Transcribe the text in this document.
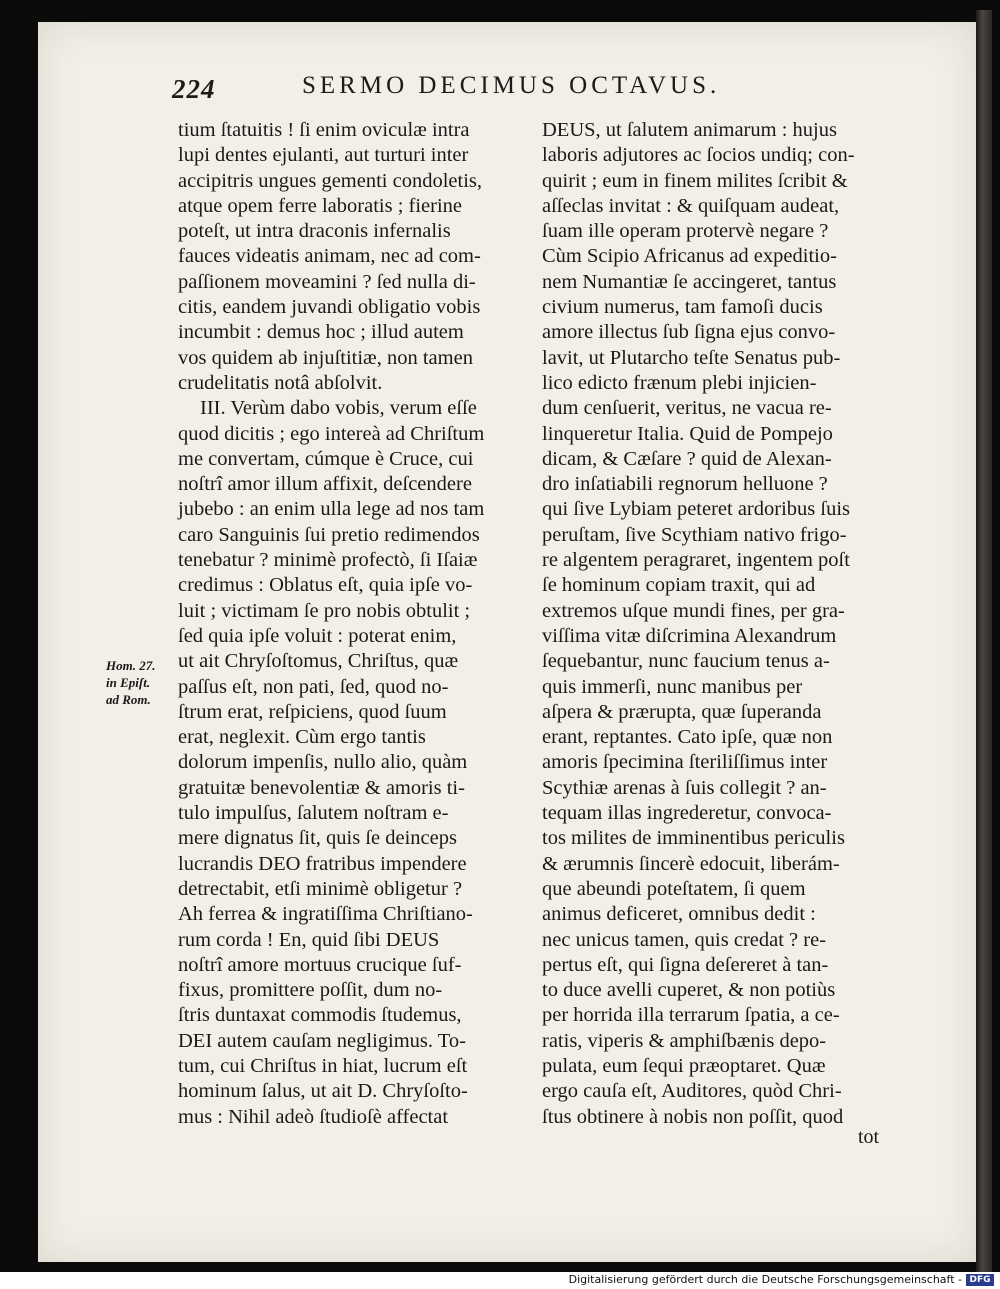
224	SERMO DECIMUS OCTAVUS.
tium ſtatuitis ! ſi enim oviculæ intra
lupi dentes ejulanti, aut turturi inter
accipitris ungues gementi condoletis,
atque opem ferre laboratis ; fierine
poteſt, ut intra draconis infernalis
fauces videatis animam, nec ad com-
paſſionem moveamini ? ſed nulla di-
citis, eandem juvandi obligatio vobis
incumbit : demus hoc ; illud autem
vos quidem ab injuſtitiæ, non tamen
crudelitatis notâ abſolvit.
III. Verùm dabo vobis, verum eſſe
quod dicitis ; ego intereà ad Chriſtum
me convertam, cúmque è Cruce, cui
noſtrî amor illum affixit, deſcendere
jubebo : an enim ulla lege ad nos tam
caro Sanguinis ſui pretio redimendos
tenebatur ? minimè profectò, ſi Iſaiæ
credimus : Oblatus eſt, quia ipſe vo-
luit ; victimam ſe pro nobis obtulit ;
ſed quia ipſe voluit : poterat enim,
ut ait Chryſoſtomus, Chriſtus, quæ
paſſus eſt, non pati, ſed, quod no-
ſtrum erat, reſpiciens, quod ſuum
erat, neglexit. Cùm ergo tantis
dolorum impenſis, nullo alio, quàm
gratuitæ benevolentiæ & amoris ti-
tulo impulſus, ſalutem noſtram e-
mere dignatus ſit, quis ſe deinceps
lucrandis DEO fratribus impendere
detrectabit, etſi minimè obligetur ?
Ah ferrea & ingratiſſima Chriſtiano-
rum corda ! En, quid ſibi DEUS
noſtrî amore mortuus crucique ſuf-
fixus, promittere poſſit, dum no-
ſtris duntaxat commodis ſtudemus,
DEI autem cauſam negligimus. To-
tum, cui Chriſtus in hiat, lucrum eſt
hominum ſalus, ut ait D. Chryſoſto-
mus : Nihil adeò ſtudioſè affectat
DEUS, ut ſalutem animarum : hujus
laboris adjutores ac ſocios undiq; con-
quirit ; eum in finem milites ſcribit &
aſſeclas invitat : & quiſquam audeat,
ſuam ille operam protervè negare ?
Cùm Scipio Africanus ad expeditio-
nem Numantiæ ſe accingeret, tantus
civium numerus, tam famoſi ducis
amore illectus ſub ſigna ejus convo-
lavit, ut Plutarcho teſte Senatus pub-
lico edicto frænum plebi injicien-
dum cenſuerit, veritus, ne vacua re-
linqueretur Italia. Quid de Pompejo
dicam, & Cæſare ? quid de Alexan-
dro inſatiabili regnorum helluone ?
qui ſive Lybiam peteret ardoribus ſuis
peruſtam, ſive Scythiam nativo frigo-
re algentem peragraret, ingentem poſt
ſe hominum copiam traxit, qui ad
extremos uſque mundi fines, per gra-
viſſima vitæ diſcrimina Alexandrum
ſequebantur, nunc faucium tenus a-
quis immerſi, nunc manibus per
aſpera & prærupta, quæ ſuperanda
erant, reptantes. Cato ipſe, quæ non
amoris ſpecimina ſteriliſſimus inter
Scythiæ arenas à ſuis collegit ? an-
tequam illas ingrederetur, convoca-
tos milites de imminentibus periculis
& ærumnis ſincerè edocuit, liberám-
que abeundi poteſtatem, ſi quem
animus deficeret, omnibus dedit :
nec unicus tamen, quis credat ? re-
pertus eſt, qui ſigna deſereret à tan-
to duce avelli cuperet, & non potiùs
per horrida illa terrarum ſpatia, a ce-
ratis, viperis & amphiſbænis depo-
pulata, eum ſequi præoptaret. Quæ
ergo cauſa eſt, Auditores, quòd Chri-
ſtus obtinere à nobis non poſſit, quod
Hom. 27.
in Epiſt.
ad Rom.
tot
Digitalisierung gefördert durch die Deutsche Forschungsgemeinschaft - DFG
